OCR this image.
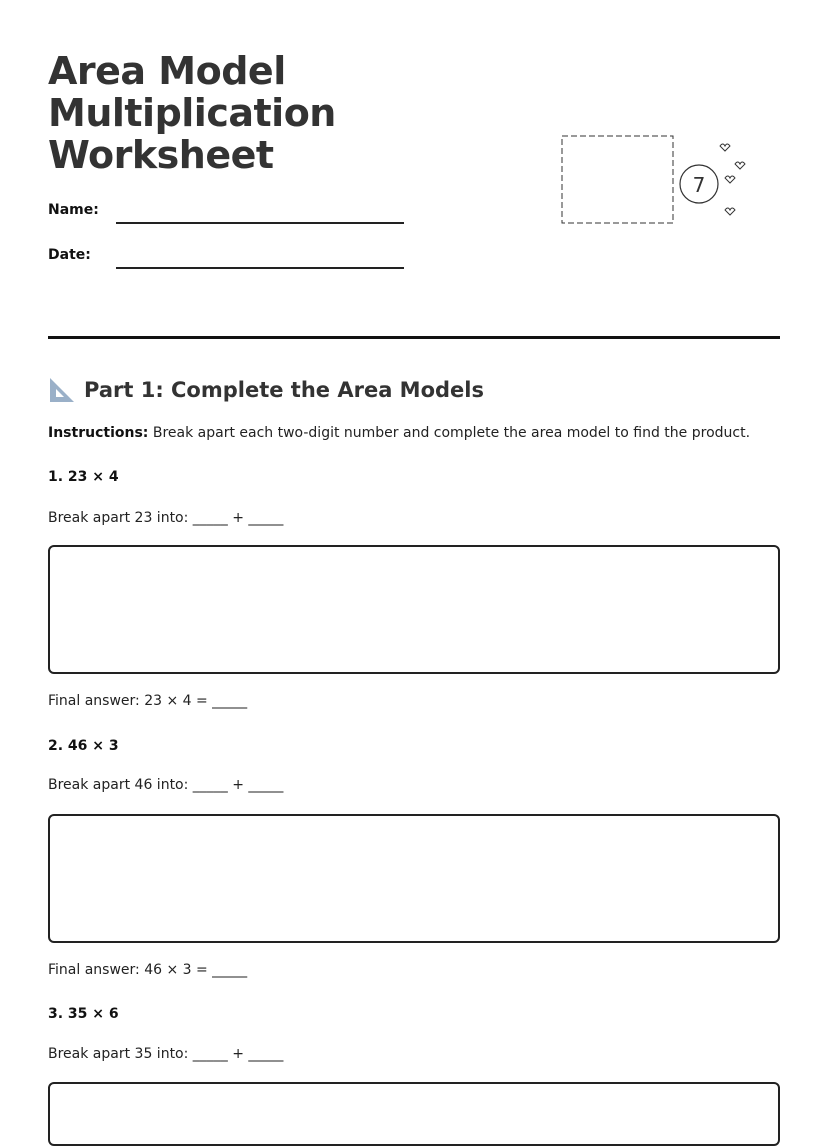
Area Model
Multiplication
Worksheet
Name:
Date:
7
Part 1: Complete the Area Models
Instructions: Break apart each two-digit number and complete the area model to find the product.
1. 23 × 4
Break apart 23 into: _____ + _____
Final answer: 23 × 4 = _____
2. 46 × 3
Break apart 46 into: _____ + _____
Final answer: 46 × 3 = _____
3. 35 × 6
Break apart 35 into: _____ + _____
